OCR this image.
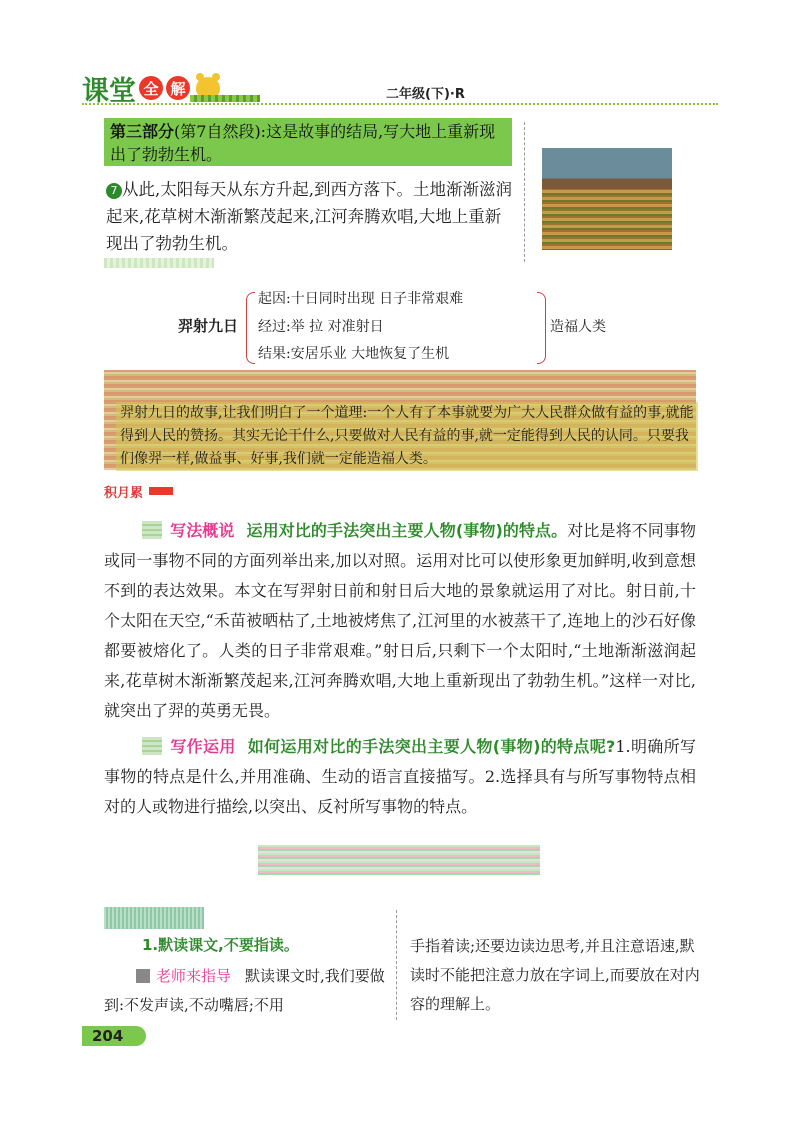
课 堂 全 解	二年级(下)·R
第三部分(第7自然段):这是故事的结局,写大地上重新现出了勃勃生机。
7 从此,太阳每天从东方升起,到西方落下。土地渐渐滋润起来,花草树木渐渐繁茂起来,江河奔腾欢唱,大地上重新现出了勃勃生机。
羿射九日
起因:十日同时出现 日子非常艰难
经过:举 拉 对准射日
结果:安居乐业 大地恢复了生机
造福人类
羿射九日的故事,让我们明白了一个道理:一个人有了本事就要为广大人民群众做有益的事,就能得到人民的赞扬。其实无论干什么,只要做对人民有益的事,就一定能得到人民的认同。只要我们像羿一样,做益事、好事,我们就一定能造福人类。
积月累
写法概说 运用对比的手法突出主要人物(事物)的特点。对比是将不同事物或同一事物不同的方面列举出来,加以对照。运用对比可以使形象更加鲜明,收到意想不到的表达效果。本文在写羿射日前和射日后大地的景象就运用了对比。射日前,十个太阳在天空,“禾苗被晒枯了,土地被烤焦了,江河里的水被蒸干了,连地上的沙石好像都要被熔化了。人类的日子非常艰难。”射日后,只剩下一个太阳时,“土地渐渐滋润起来,花草树木渐渐繁茂起来,江河奔腾欢唱,大地上重新现出了勃勃生机。”这样一对比,就突出了羿的英勇无畏。
写作运用 如何运用对比的手法突出主要人物(事物)的特点呢?1.明确所写事物的特点是什么,并用准确、生动的语言直接描写。2.选择具有与所写事物特点相对的人或物进行描绘,以突出、反衬所写事物的特点。
1.默读课文,不要指读。
老师来指导 默读课文时,我们要做到:不发声读,不动嘴唇;不用
手指着读;还要边读边思考,并且注意语速,默读时不能把注意力放在字词上,而要放在对内容的理解上。
204
